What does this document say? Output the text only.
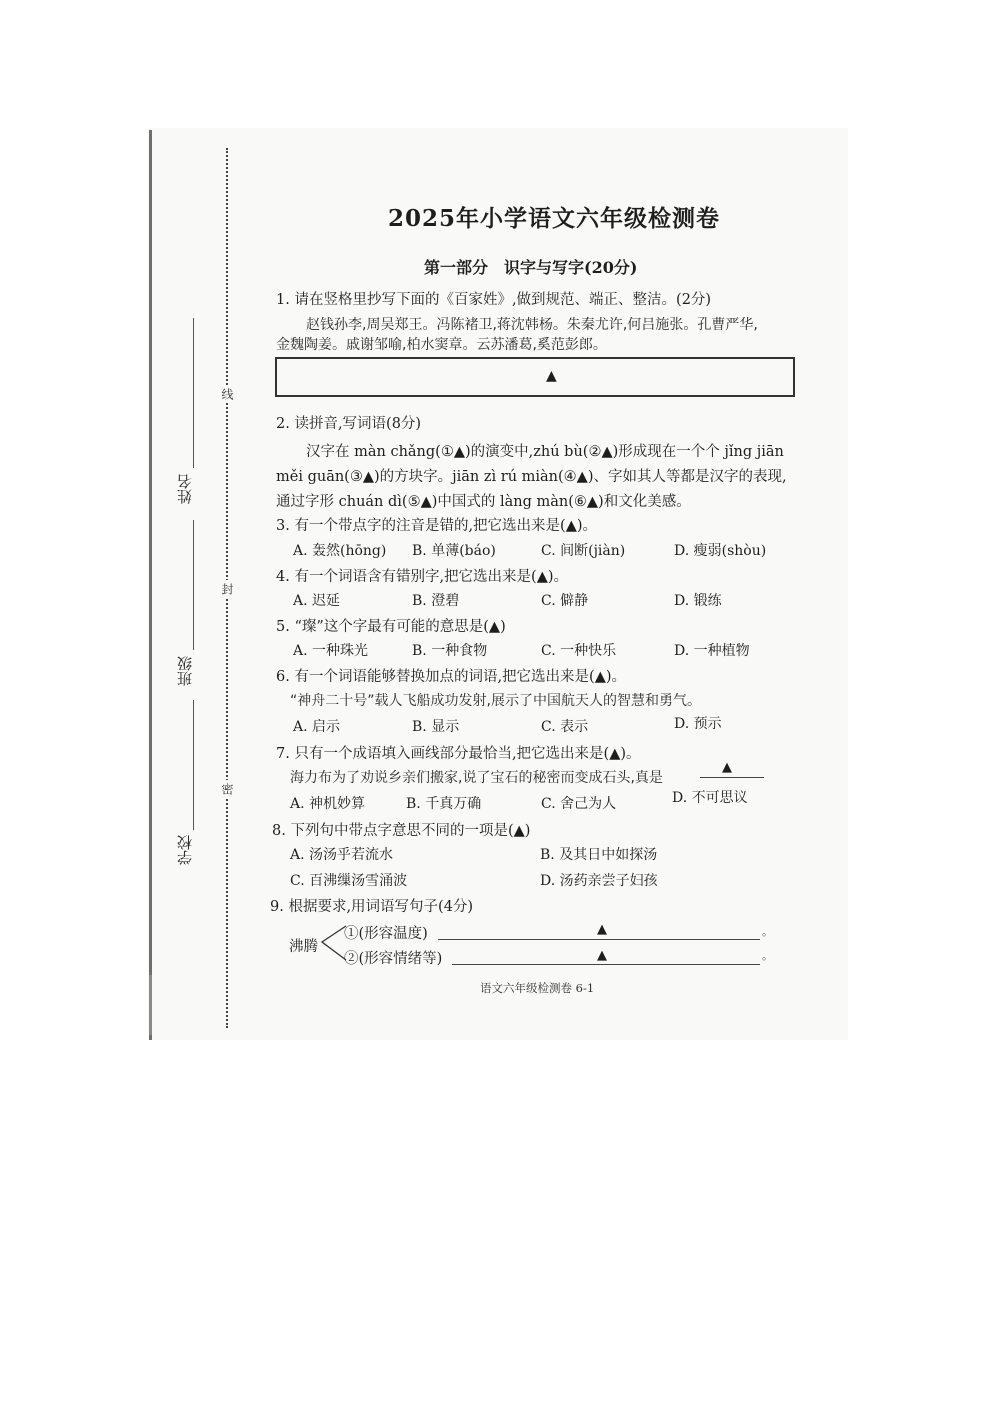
姓名
班级
学校
线
封
密
2025年小学语文六年级检测卷
第一部分　识字与写字(20分)
1. 请在竖格里抄写下面的《百家姓》,做到规范、端正、整洁。(2分)
赵钱孙李,周吴郑王。冯陈褚卫,蒋沈韩杨。朱秦尤许,何吕施张。孔曹严华,
金魏陶姜。戚谢邹喻,柏水窦章。云苏潘葛,奚范彭郎。
▲
2. 读拼音,写词语(8分)
汉字在 màn chǎng(①▲)的演变中,zhú bù(②▲)形成现在一个个 jǐng jiān
měi guān(③▲)的方块字。jiān zì rú miàn(④▲)、字如其人等都是汉字的表现,
通过字形 chuán dì(⑤▲)中国式的 làng màn(⑥▲)和文化美感。
3. 有一个带点字的注音是错的,把它选出来是(▲)。
A. 轰然(hōng) B. 单薄(báo)	C. 间断(jiàn)	D. 瘦弱(shòu)
4. 有一个词语含有错别字,把它选出来是(▲)。
A. 迟延	B. 澄碧	C. 僻静	D. 锻练
5. “璨”这个字最有可能的意思是(▲)
A. 一种珠光	B. 一种食物	C. 一种快乐	D. 一种植物
6. 有一个词语能够替换加点的词语,把它选出来是(▲)。
“神舟二十号”载人飞船成功发射,展示了中国航天人的智慧和勇气。
A. 启示	B. 显示	C. 表示	D. 预示
7. 只有一个成语填入画线部分最恰当,把它选出来是(▲)。
海力布为了劝说乡亲们搬家,说了宝石的秘密而变成石头,真是
▲
A. 神机妙算	B. 千真万确	C. 舍己为人	D. 不可思议
8. 下列句中带点字意思不同的一项是(▲)
A. 汤汤乎若流水	B. 及其日中如探汤
C. 百沸缫汤雪涌波	D. 汤药亲尝子妇孩
9. 根据要求,用词语写句子(4分)
沸腾
①(形容温度)	▲	。
②(形容情绪等)	▲	。
语文六年级检测卷 6-1
